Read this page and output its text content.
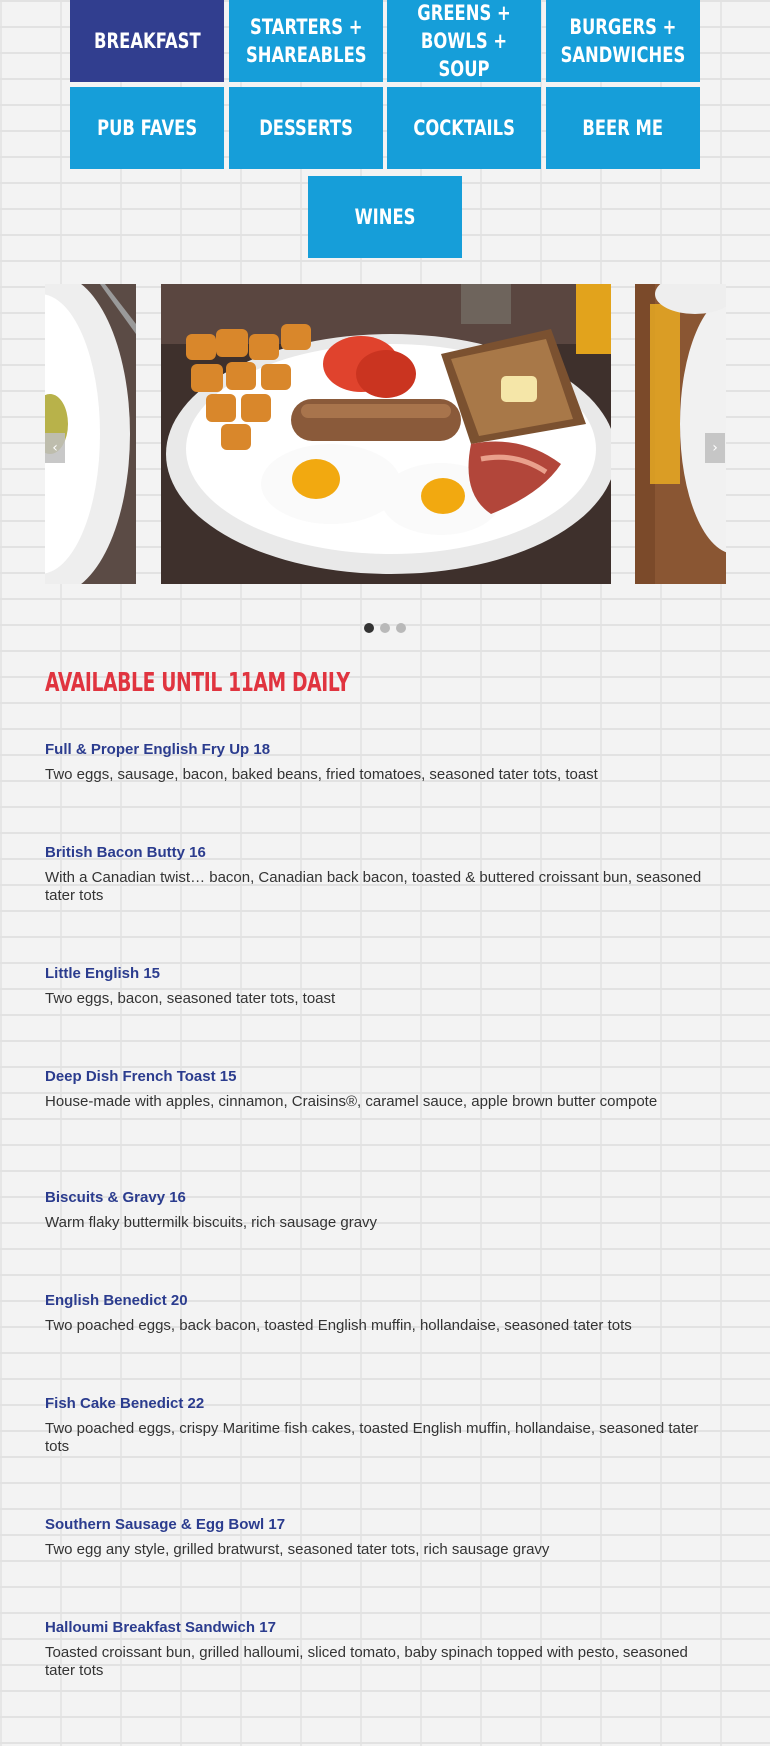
BREAKFAST
STARTERS +
SHAREABLES
GREENS +
BOWLS + SOUP
BURGERS +
SANDWICHES
PUB FAVES	DESSERTS	COCKTAILS	BEER ME
WINES
‹	›
AVAILABLE UNTIL 11AM DAILY
Full & Proper English Fry Up 18
Two eggs, sausage, bacon, baked beans, fried tomatoes, seasoned tater tots, toast
British Bacon Butty 16
With a Canadian twist… bacon, Canadian back bacon, toasted & buttered croissant bun, seasoned tater tots
Little English 15
Two eggs, bacon, seasoned tater tots, toast
Deep Dish French Toast 15
House-made with apples, cinnamon, Craisins®, caramel sauce, apple brown butter compote
Biscuits & Gravy 16
Warm flaky buttermilk biscuits, rich sausage gravy
English Benedict 20
Two poached eggs, back bacon, toasted English muffin, hollandaise, seasoned tater tots
Fish Cake Benedict 22
Two poached eggs, crispy Maritime fish cakes, toasted English muffin, hollandaise, seasoned tater tots
Southern Sausage & Egg Bowl 17
Two egg any style, grilled bratwurst, seasoned tater tots, rich sausage gravy
Halloumi Breakfast Sandwich 17
Toasted croissant bun, grilled halloumi, sliced tomato, baby spinach topped with pesto, seasoned tater tots
